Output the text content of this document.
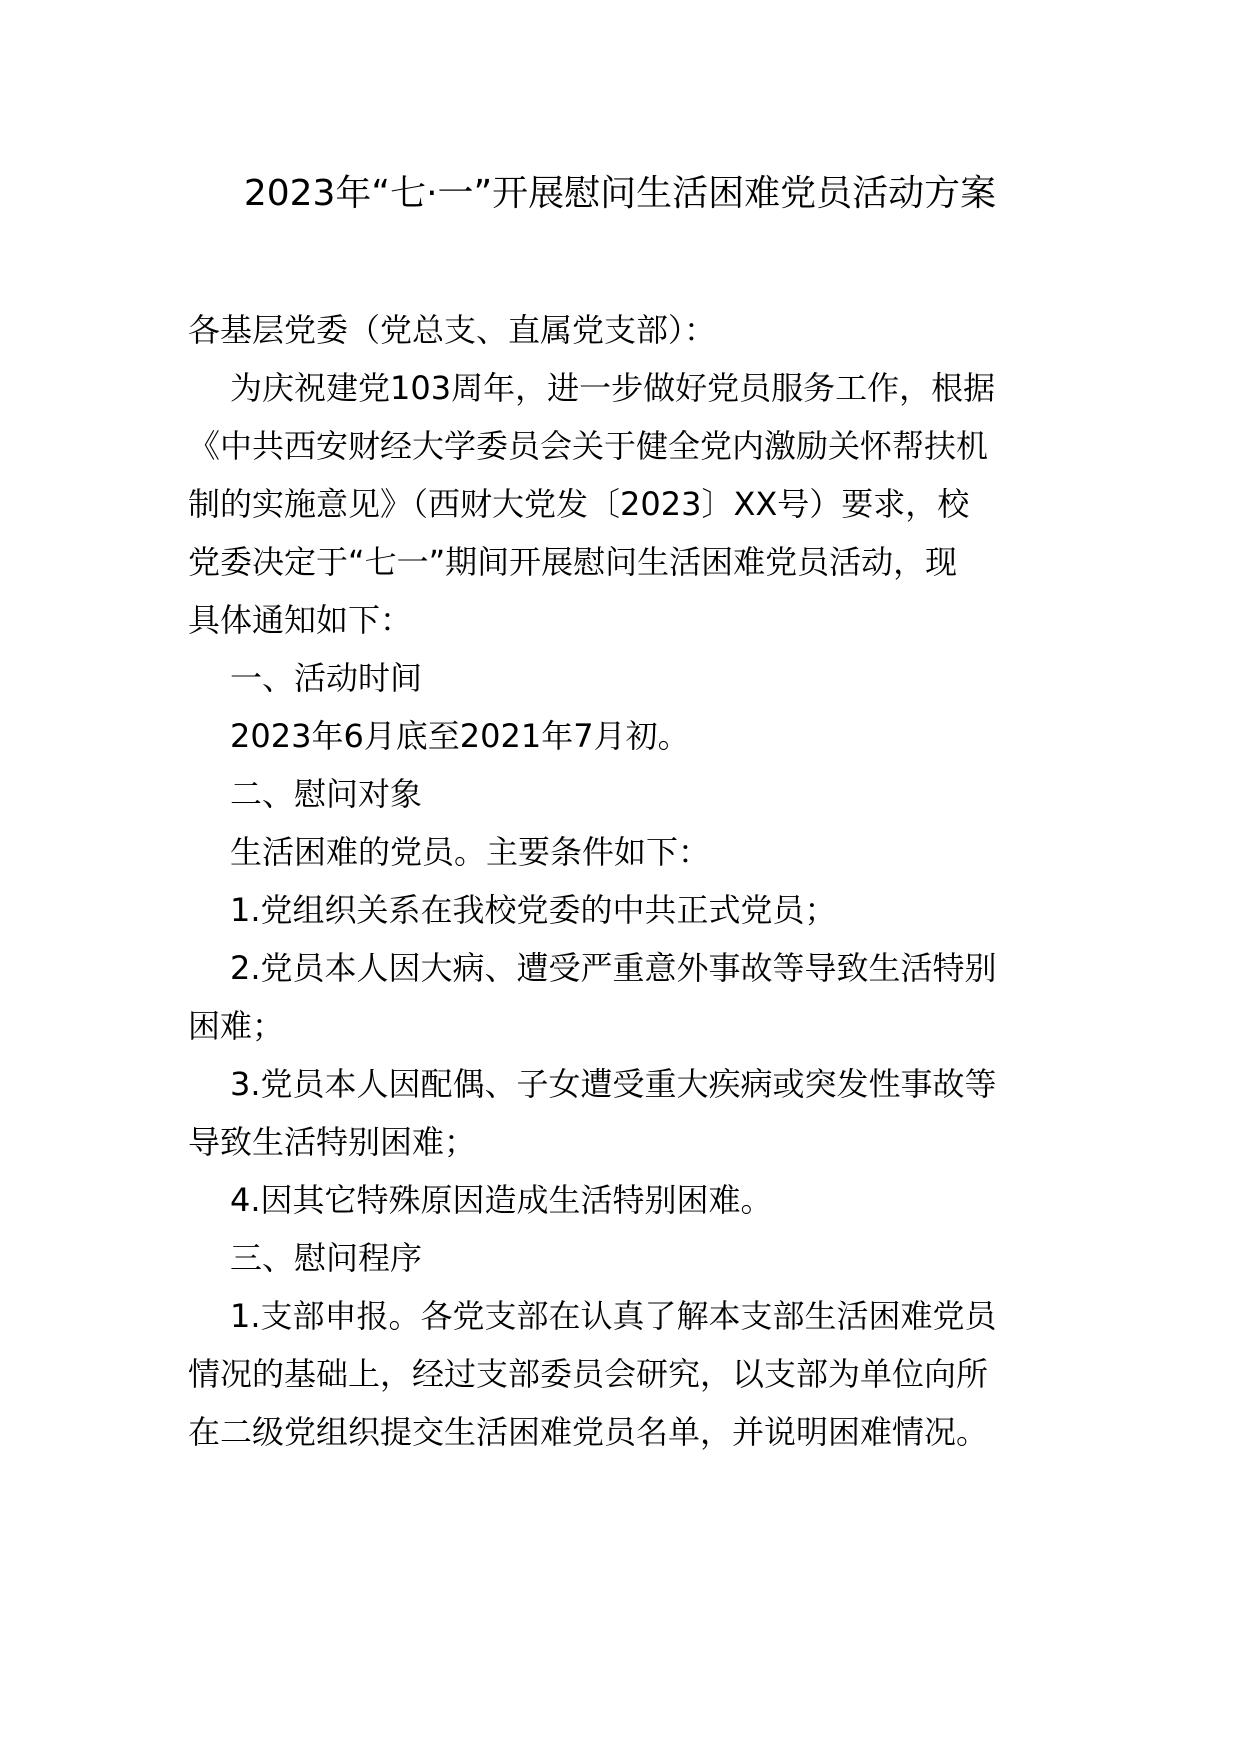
2023年“七·一”开展慰问生活困难党员活动方案
各基层党委（党总支、直属党支部）：
为庆祝建党103周年，进一步做好党员服务工作，根据
《中共西安财经大学委员会关于健全党内激励关怀帮扶机
制的实施意见》（西财大党发〔2023〕XX号）要求，校
党委决定于“七一”期间开展慰问生活困难党员活动，现
具体通知如下：
一、活动时间
2023年6月底至2021年7月初。
二、慰问对象
生活困难的党员。主要条件如下：
1.党组织关系在我校党委的中共正式党员；
2.党员本人因大病、遭受严重意外事故等导致生活特别
困难；
3.党员本人因配偶、子女遭受重大疾病或突发性事故等
导致生活特别困难；
4.因其它特殊原因造成生活特别困难。
三、慰问程序
1.支部申报。各党支部在认真了解本支部生活困难党员
情况的基础上，经过支部委员会研究，以支部为单位向所
在二级党组织提交生活困难党员名单，并说明困难情况。
